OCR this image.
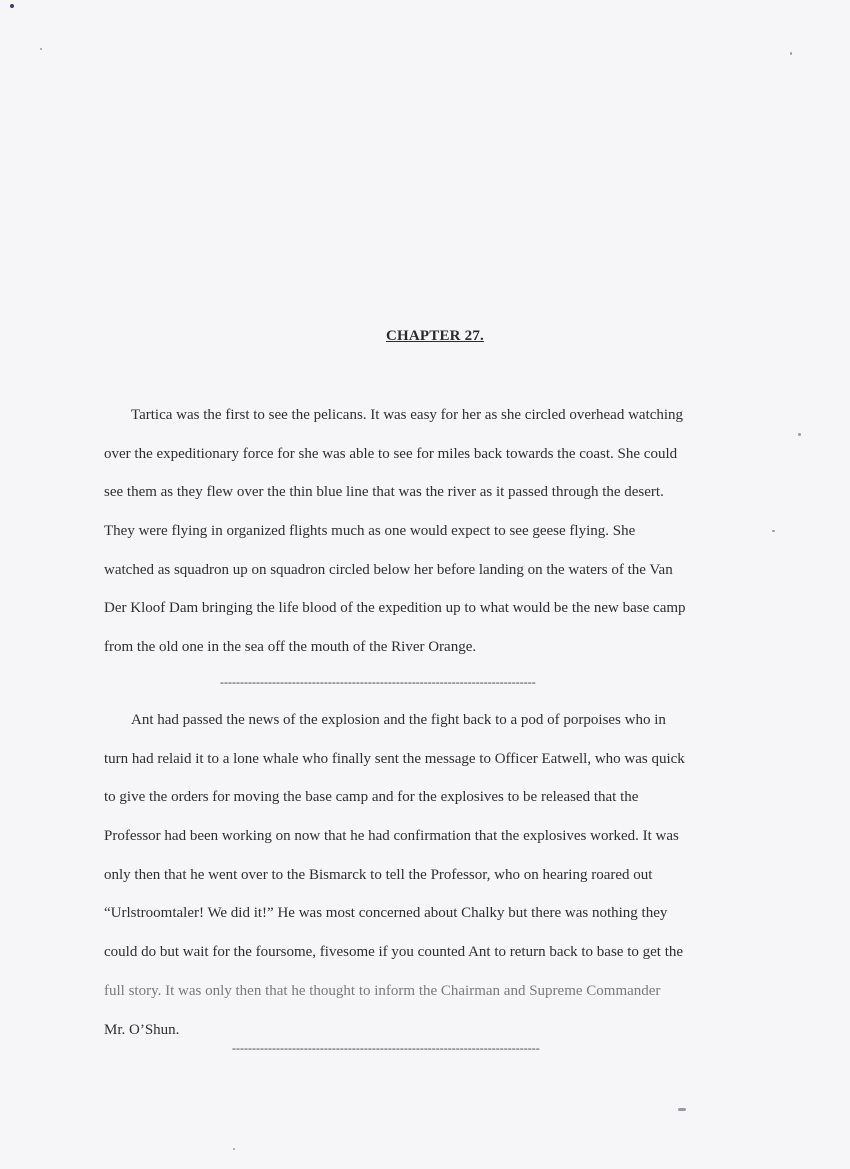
CHAPTER 27.
Tartica was the first to see the pelicans. It was easy for her as she circled overhead watching
over the expeditionary force for she was able to see for miles back towards the coast. She could
see them as they flew over the thin blue line that was the river as it passed through the desert.
They were flying in organized flights much as one would expect to see geese flying. She
watched as squadron up on squadron circled below her before landing on the waters of the Van
Der Kloof Dam bringing the life blood of the expedition up to what would be the new base camp
from the old one in the sea off the mouth of the River Orange.
-------------------------------------------------------------------------------
Ant had passed the news of the explosion and the fight back to a pod of porpoises who in
turn had relaid it to a lone whale who finally sent the message to Officer Eatwell, who was quick
to give the orders for moving the base camp and for the explosives to be released that the
Professor had been working on now that he had confirmation that the explosives worked. It was
only then that he went over to the Bismarck to tell the Professor, who on hearing roared out
“Urlstroomtaler! We did it!” He was most concerned about Chalky but there was nothing they
could do but wait for the foursome, fivesome if you counted Ant to return back to base to get the
full story. It was only then that he thought to inform the Chairman and Supreme Commander
Mr. O’Shun.
-----------------------------------------------------------------------------
